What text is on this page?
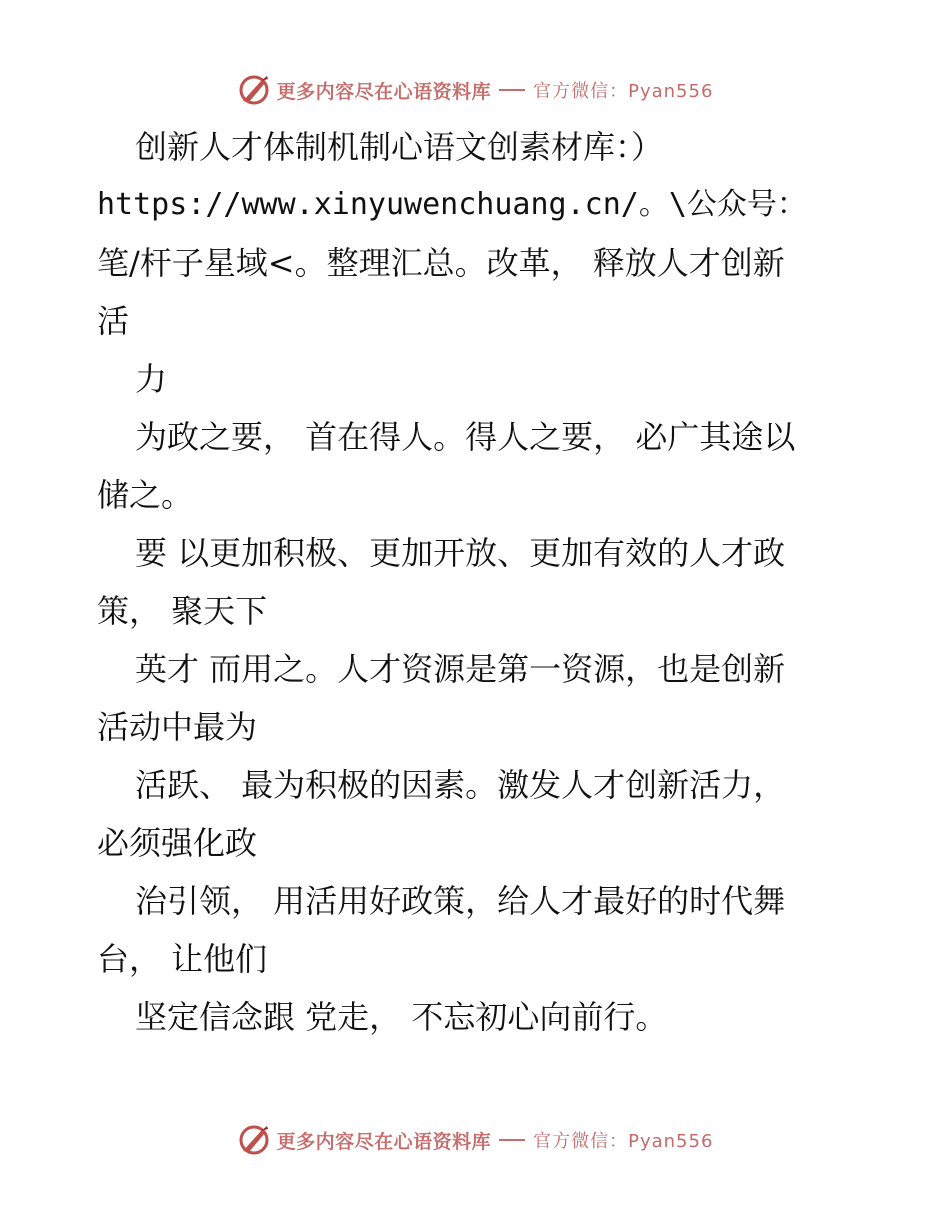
更多内容尽在心语资料库 官方微信：Pyan556
创新人才体制机制心语文创素材库：）
https://www.xinyuwenchuang.cn/。\公众号：
笔/杆子星域<。整理汇总。改革， 释放人才创新
活
力
为政之要， 首在得人。得人之要， 必广其途以
储之。
要 以更加积极、更加开放、更加有效的人才政
策， 聚天下
英才 而用之。人才资源是第一资源，也是创新
活动中最为
活跃、 最为积极的因素。激发人才创新活力，
必须强化政
治引领， 用活用好政策，给人才最好的时代舞
台， 让他们
坚定信念跟 党走， 不忘初心向前行。
更多内容尽在心语资料库 官方微信：Pyan556
